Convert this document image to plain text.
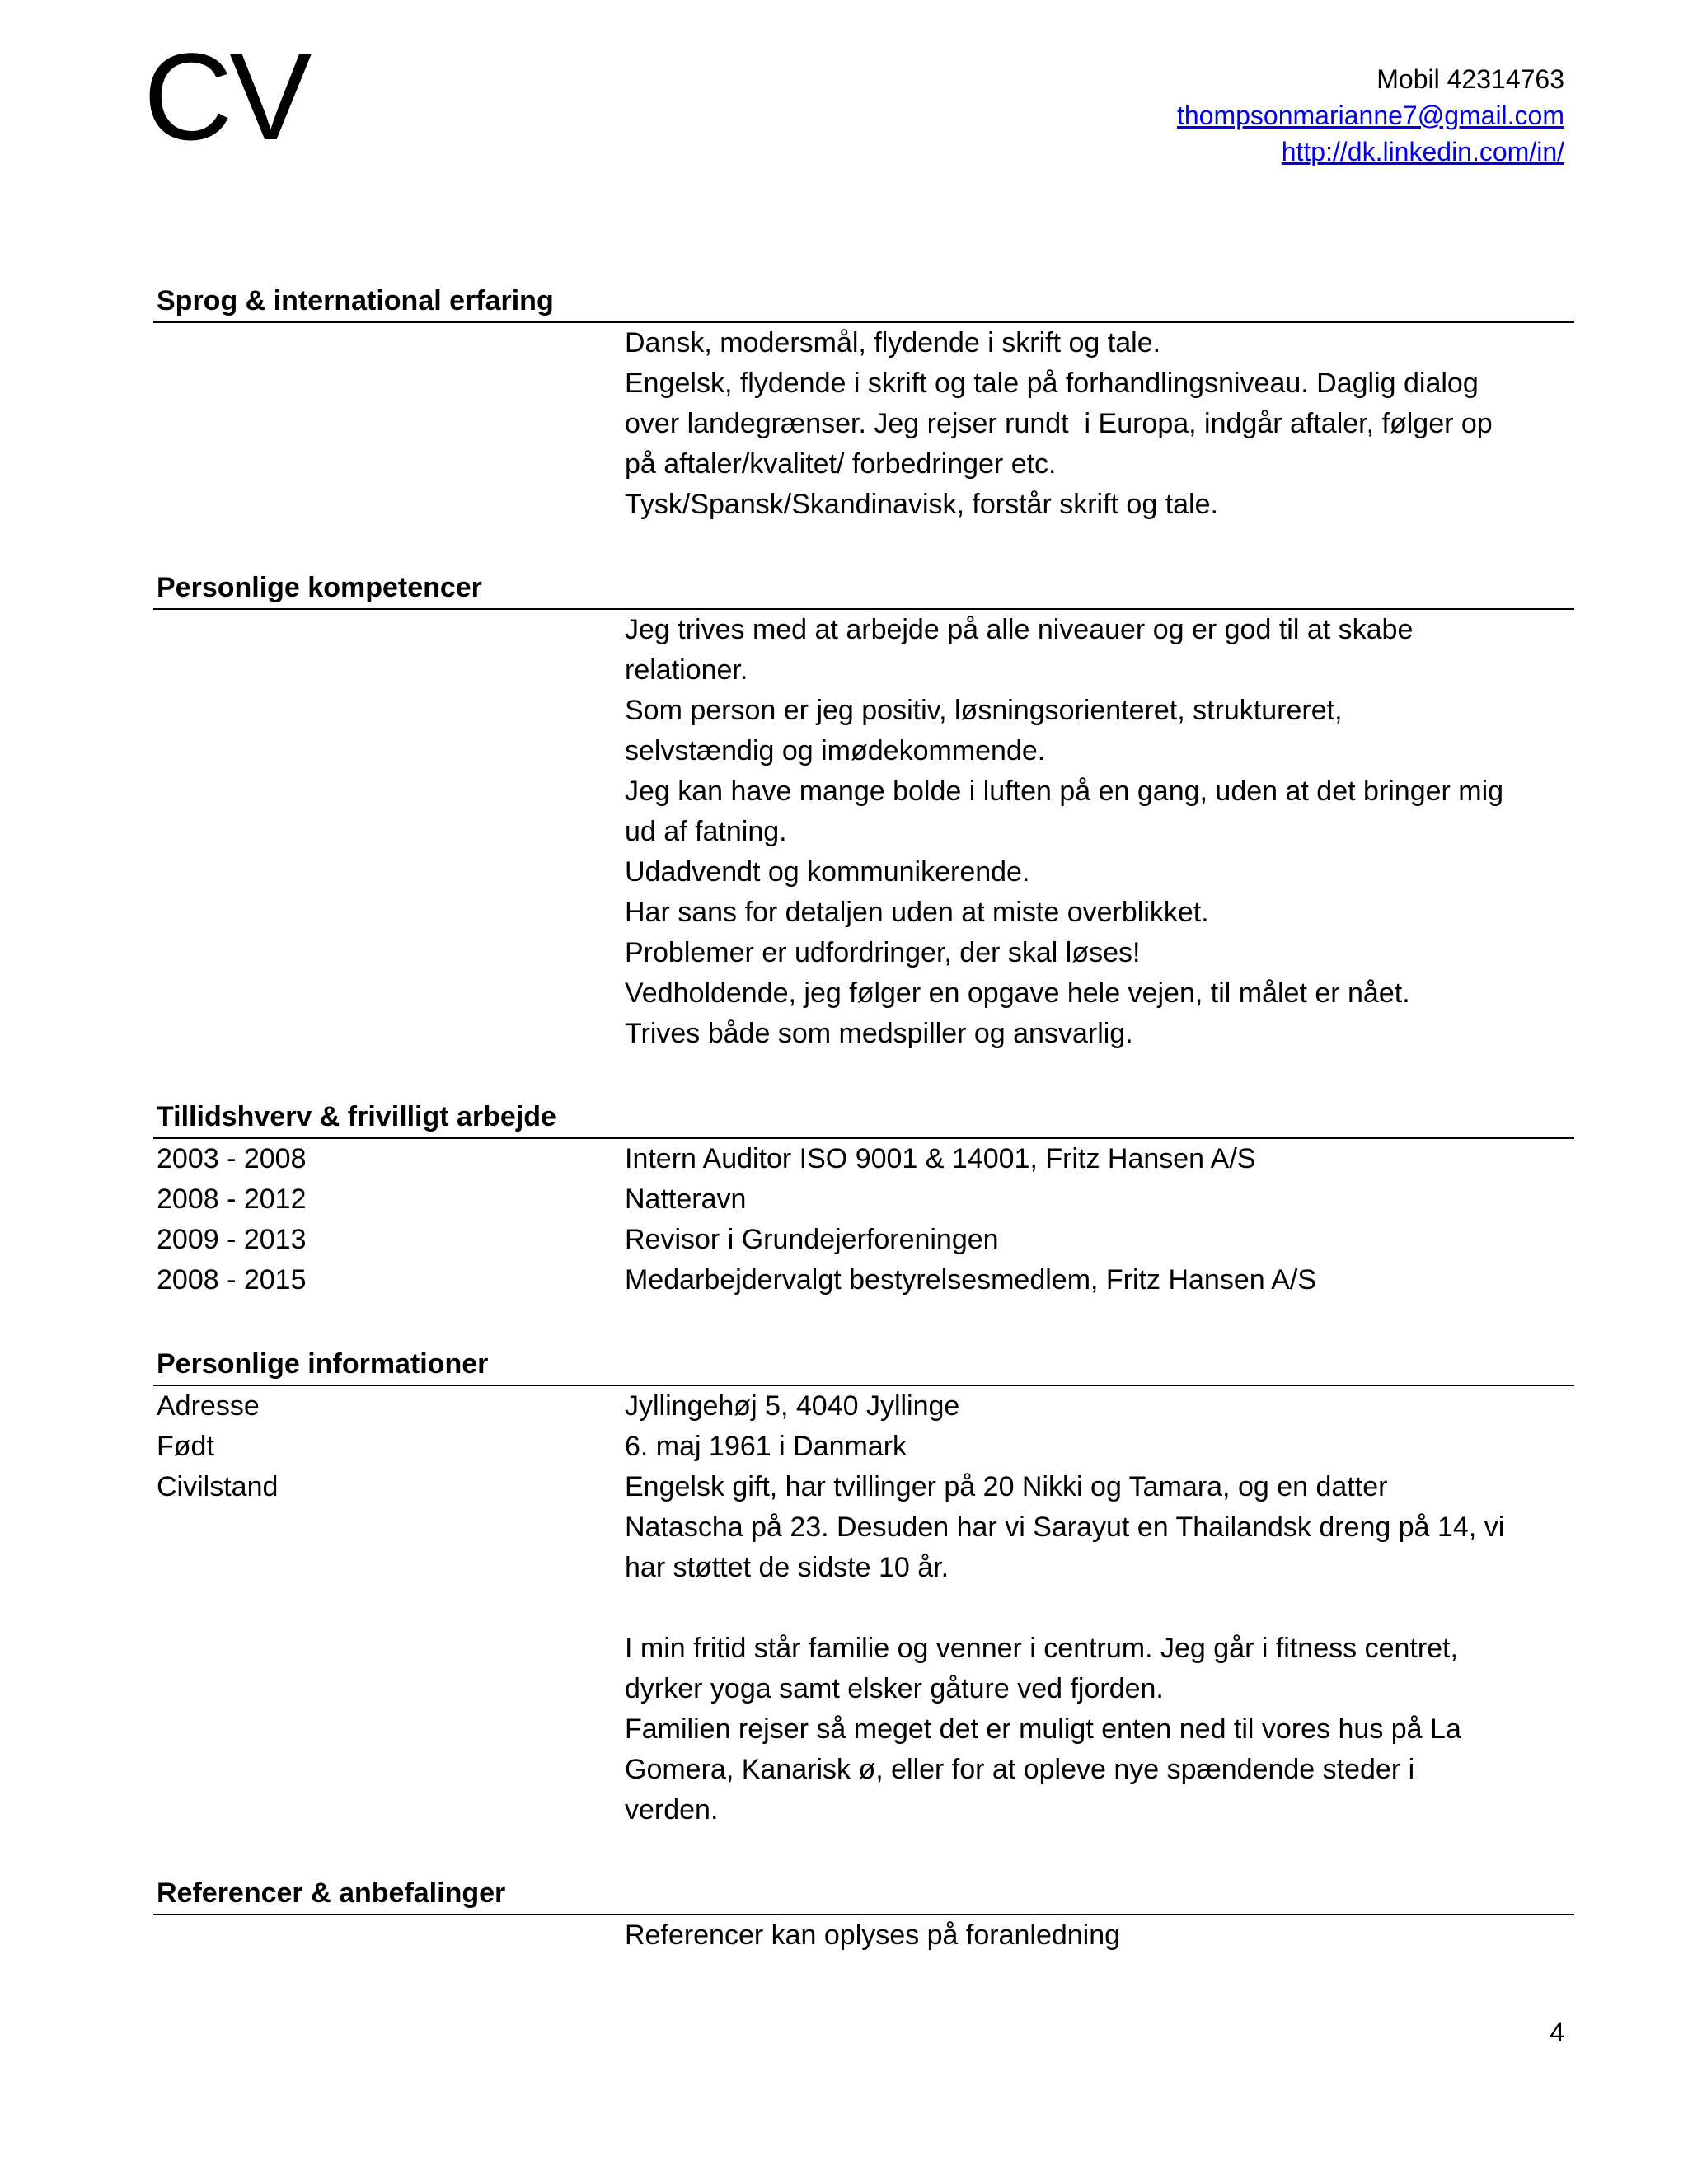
CV	Mobil 42314763
thompsonmarianne7@gmail.com
http://dk.linkedin.com/in/
Sprog & international erfaring
Dansk, modersmål, flydende i skrift og tale.
Engelsk, flydende i skrift og tale på forhandlingsniveau. Daglig dialog
over landegrænser. Jeg rejser rundt  i Europa, indgår aftaler, følger op
på aftaler/kvalitet/ forbedringer etc.
Tysk/Spansk/Skandinavisk, forstår skrift og tale.
Personlige kompetencer
Jeg trives med at arbejde på alle niveauer og er god til at skabe
relationer.
Som person er jeg positiv, løsningsorienteret, struktureret,
selvstændig og imødekommende.
Jeg kan have mange bolde i luften på en gang, uden at det bringer mig
ud af fatning.
Udadvendt og kommunikerende.
Har sans for detaljen uden at miste overblikket.
Problemer er udfordringer, der skal løses!
Vedholdende, jeg følger en opgave hele vejen, til målet er nået.
Trives både som medspiller og ansvarlig.
Tillidshverv & frivilligt arbejde
2003 - 2008	Intern Auditor ISO 9001 & 14001, Fritz Hansen A/S
2008 - 2012	Natteravn
2009 - 2013	Revisor i Grundejerforeningen
2008 - 2015	Medarbejdervalgt bestyrelsesmedlem, Fritz Hansen A/S
Personlige informationer
Adresse	Jyllingehøj 5, 4040 Jyllinge
Født	6. maj 1961 i Danmark
Civilstand	Engelsk gift, har tvillinger på 20 Nikki og Tamara, og en datter
Natascha på 23. Desuden har vi Sarayut en Thailandsk dreng på 14, vi
har støttet de sidste 10 år.
I min fritid står familie og venner i centrum. Jeg går i fitness centret,
dyrker yoga samt elsker gåture ved fjorden.
Familien rejser så meget det er muligt enten ned til vores hus på La
Gomera, Kanarisk ø, eller for at opleve nye spændende steder i
verden.
Referencer & anbefalinger
Referencer kan oplyses på foranledning
4
